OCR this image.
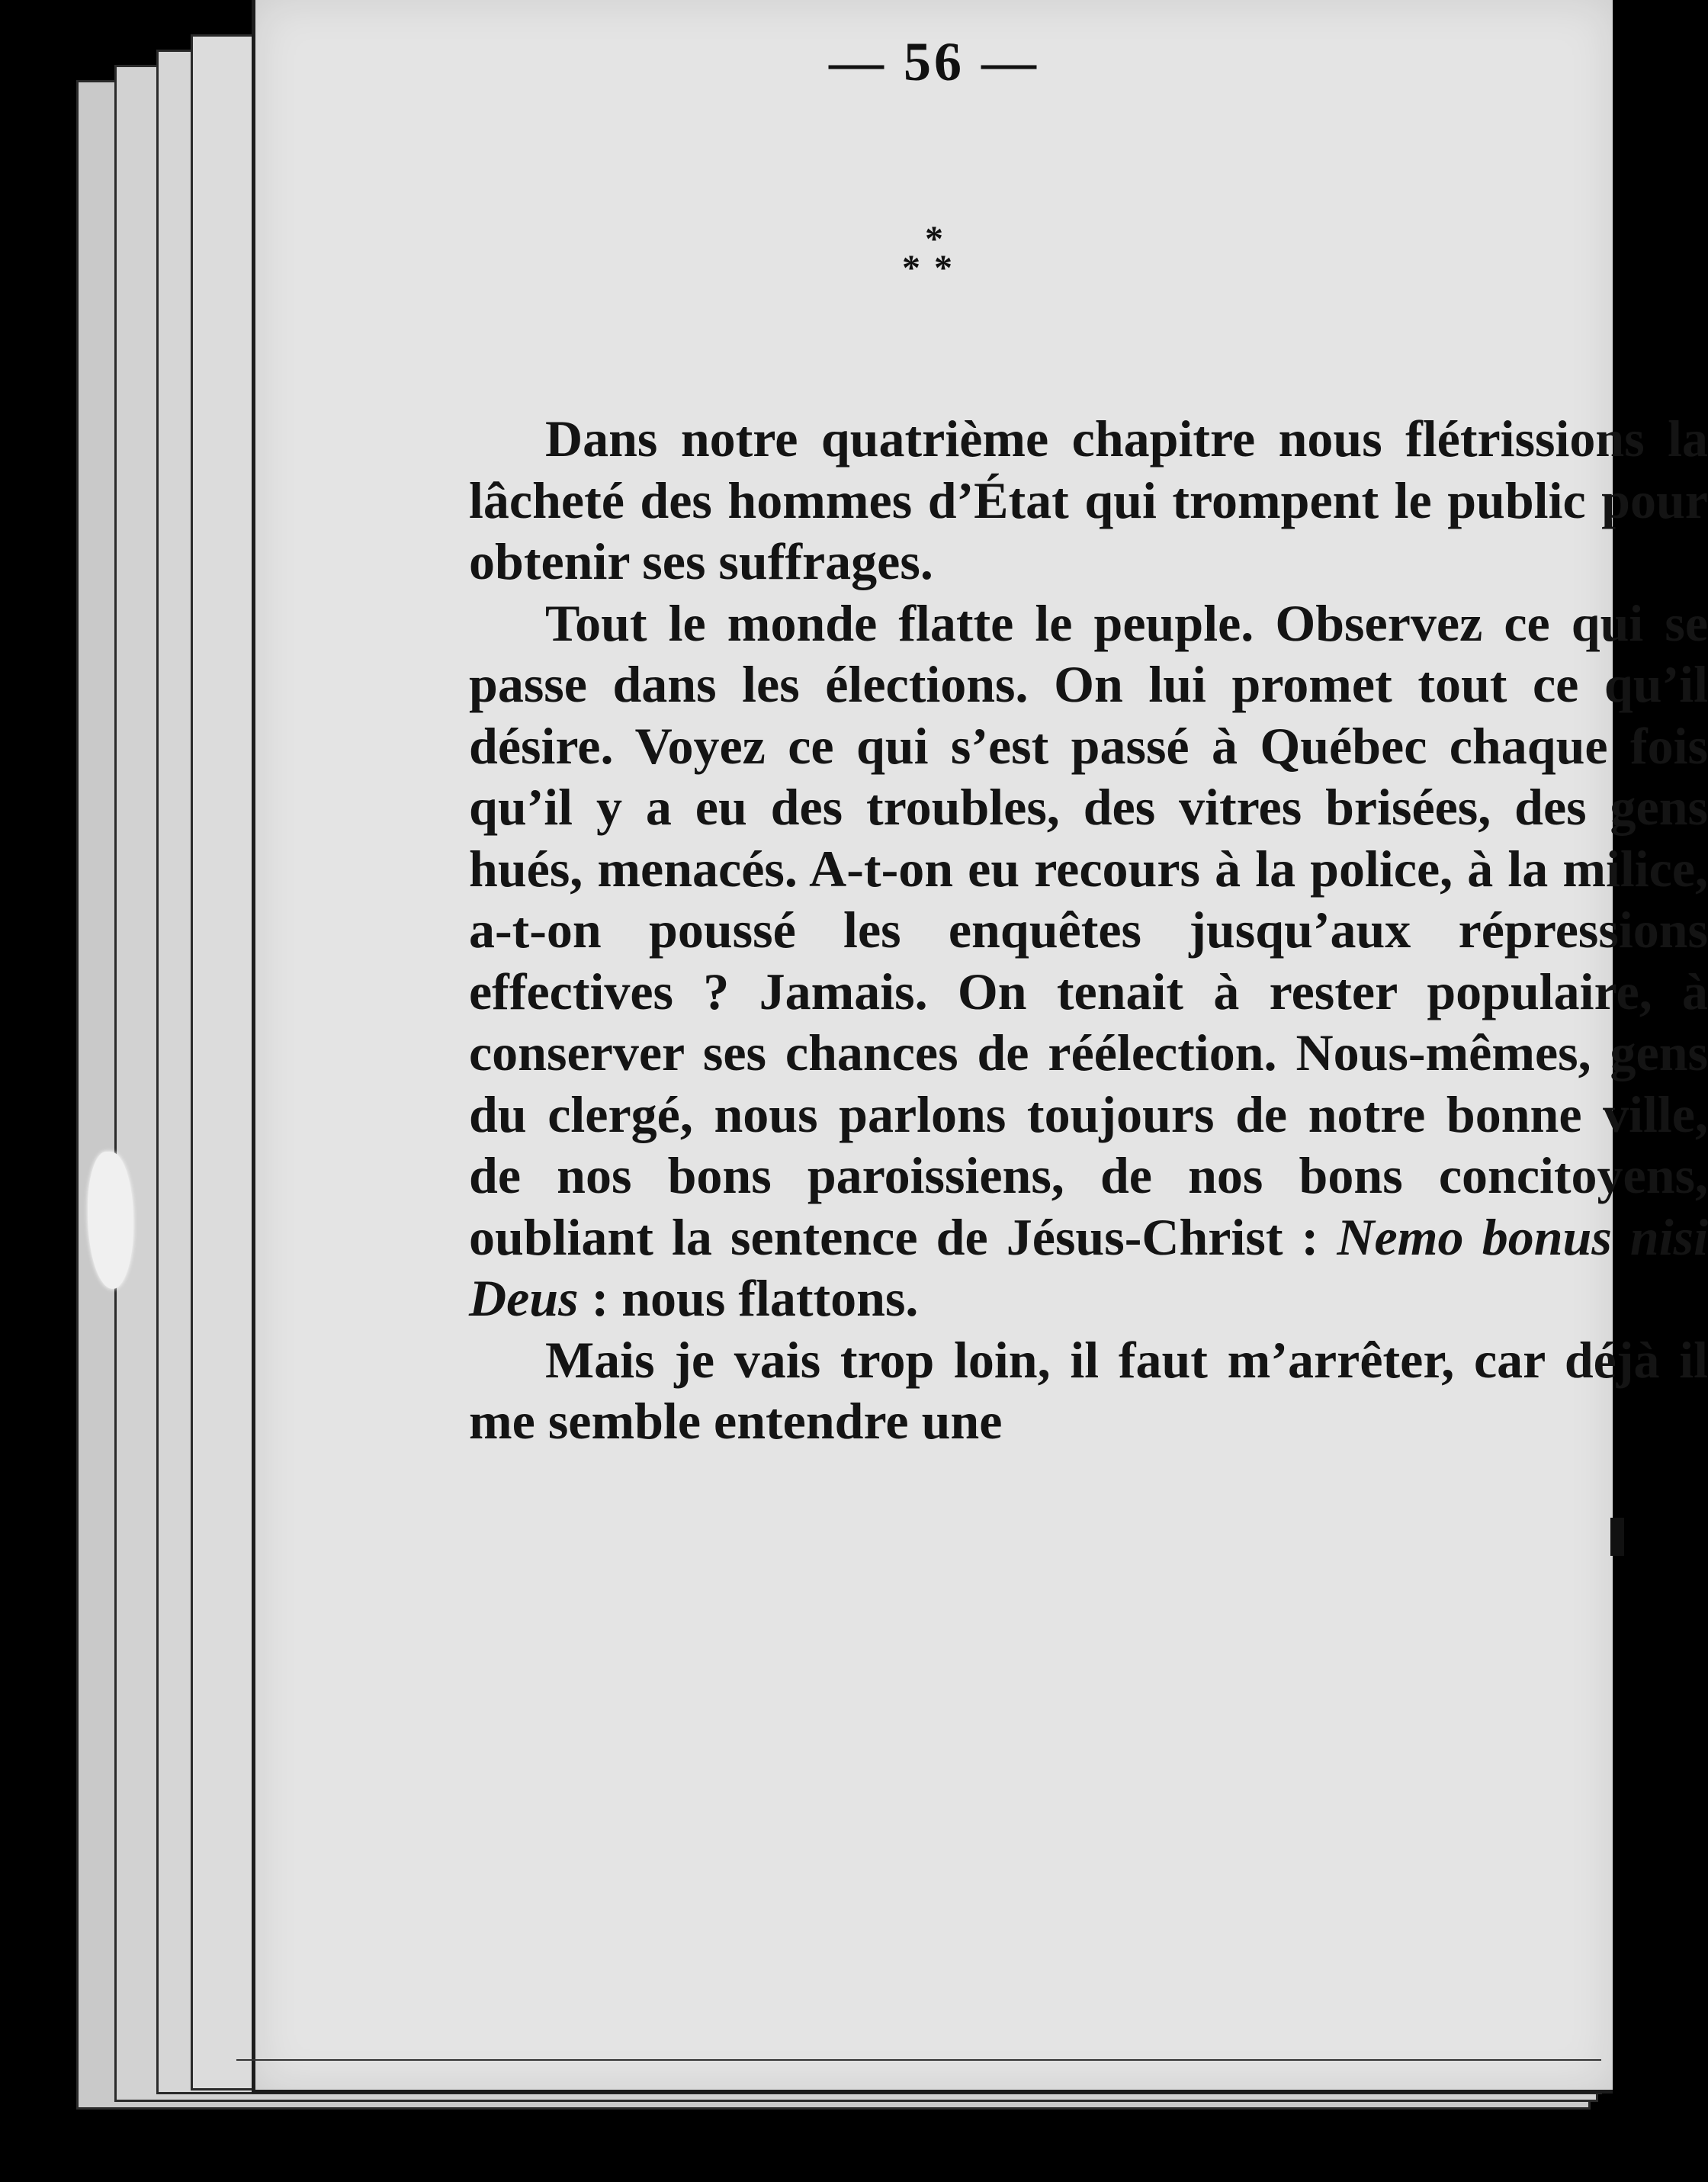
— 56 —
*
**

Dans notre quatrième chapitre nous flétrissions la lâcheté des hommes d’État qui trompent le public pour obtenir ses suffrages.

Tout le monde flatte le peuple. Observez ce qui se passe dans les élections. On lui promet tout ce qu’il désire. Voyez ce qui s’est passé à Québec chaque fois qu’il y a eu des troubles, des vitres brisées, des gens hués, menacés. A-t-on eu recours à la police, à la milice, a-t-on poussé les enquêtes jusqu’aux répressions effectives ? Jamais. On tenait à rester populaire, à conserver ses chances de réélection. Nous-mêmes, gens du clergé, nous parlons toujours de notre bonne ville, de nos bons paroissiens, de nos bons concitoyens, oubliant la sentence de Jésus-Christ : Nemo bonus nisi Deus : nous flattons.

Mais je vais trop loin, il faut m’arrêter, car déjà il me semble entendre une
